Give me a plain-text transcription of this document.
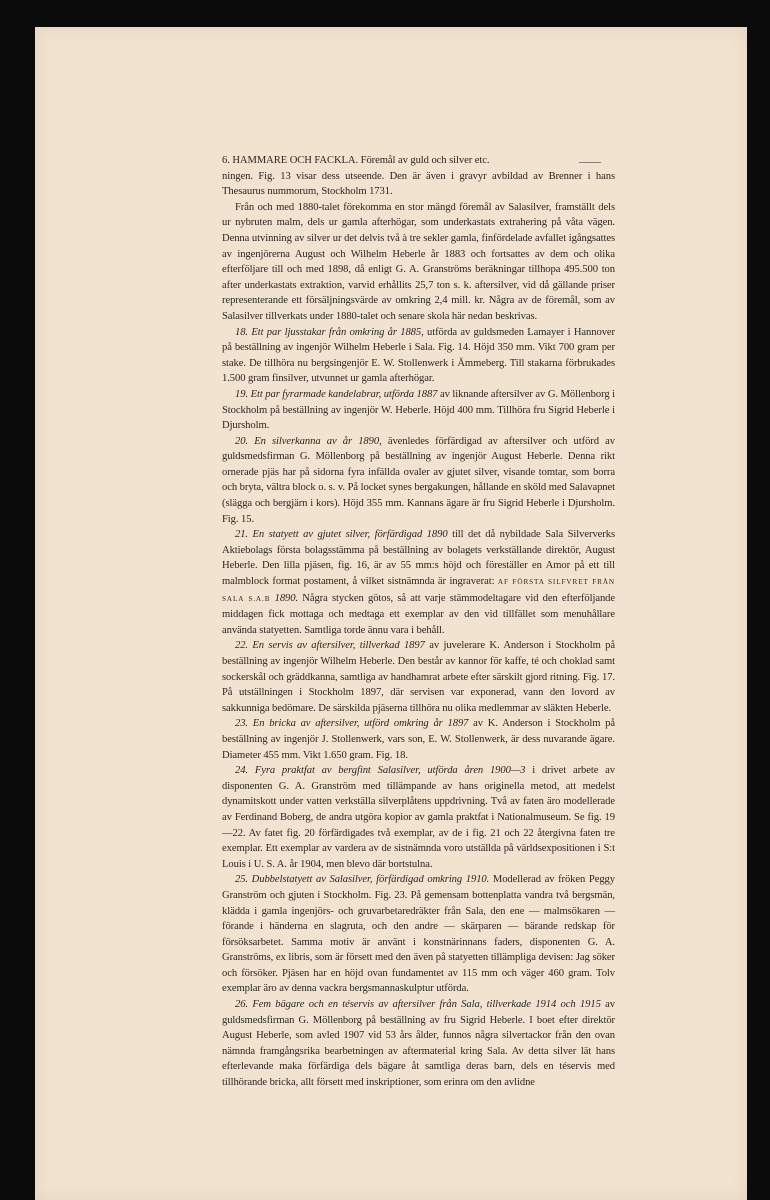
——

6. HAMMARE OCH FACKLA. Föremål av guld och silver etc.

ningen. Fig. 13 visar dess utseende. Den är även i gravyr avbildad av Brenner i hans Thesaurus nummorum, Stockholm 1731.

Från och med 1880-talet förekomma en stor mängd föremål av Salasilver, framställt dels ur nybruten malm, dels ur gamla afterhögar, som underkastats extrahering på våta vägen. Denna utvinning av silver ur det delvis två à tre sekler gamla, finfördelade avfallet igångsattes av ingenjörerna August och Wilhelm Heberle år 1883 och fortsattes av dem och olika efterföljare till och med 1898, då enligt G. A. Granströms beräkningar tillhopa 495.500 ton after underkastats extraktion, varvid erhållits 25,7 ton s. k. aftersilver, vid då gällande priser representerande ett försäljningsvärde av omkring 2,4 mill. kr. Några av de föremål, som av Salasilver tillverkats under 1880-talet och senare skola här nedan beskrivas.

18. Ett par ljusstakar från omkring år 1885, utförda av guldsmeden Lamayer i Hannover på beställning av ingenjör Wilhelm Heberle i Sala. Fig. 14. Höjd 350 mm. Vikt 700 gram per stake. De tillhöra nu bergsingenjör E. W. Stollenwerk i Ämmeberg. Till stakarna förbrukades 1.500 gram finsilver, utvunnet ur gamla afterhögar.

19. Ett par fyrarmade kandelabrar, utförda 1887 av liknande aftersilver av G. Möllenborg i Stockholm på beställning av ingenjör W. Heberle. Höjd 400 mm. Tillhöra fru Sigrid Heberle i Djursholm.

20. En silverkanna av år 1890, ävenledes förfärdigad av aftersilver och utförd av guldsmedsfirman G. Möllenborg på beställning av ingenjör August Heberle. Denna rikt ornerade pjäs har på sidorna fyra infällda ovaler av gjutet silver, visande tomtar, som borra och bryta, vältra block o. s. v. På locket synes bergakungen, hållande en sköld med Salavapnet (slägga och bergjärn i kors). Höjd 355 mm. Kannans ägare är fru Sigrid Heberle i Djursholm. Fig. 15.

21. En statyett av gjutet silver, förfärdigad 1890 till det då nybildade Sala Silververks Aktiebolags första bolagsstämma på beställning av bolagets verkställande direktör, August Heberle. Den lilla pjäsen, fig. 16, är av 55 mm:s höjd och föreställer en Amor på ett till malmblock format postament, å vilket sistnämnda är ingraverat: AF FÖRSTA SILFVRET FRÅN SALA S.A.B 1890. Några stycken götos, så att varje stämmodeltagare vid den efterföljande middagen fick mottaga och medtaga ett exemplar av den vid tillfället som menuhållare använda statyetten. Samtliga torde ännu vara i behåll.

22. En servis av aftersilver, tillverkad 1897 av juvelerare K. Anderson i Stockholm på beställning av ingenjör Wilhelm Heberle. Den består av kannor för kaffe, té och choklad samt sockerskål och gräddkanna, samtliga av handhamrat arbete efter särskilt gjord ritning. Fig. 17. På utställningen i Stockholm 1897, där servisen var exponerad, vann den lovord av sakkunniga bedömare. De särskilda pjäserna tillhöra nu olika medlemmar av släkten Heberle.

23. En bricka av aftersilver, utförd omkring år 1897 av K. Anderson i Stockholm på beställning av ingenjör J. Stollenwerk, vars son, E. W. Stollenwerk, är dess nuvarande ägare. Diameter 455 mm. Vikt 1.650 gram. Fig. 18.

24. Fyra praktfat av bergfint Salasilver, utförda åren 1900—3 i drivet arbete av disponenten G. A. Granström med tillämpande av hans originella metod, att medelst dynamitskott under vatten verkställa silverplåtens uppdrivning. Två av faten äro modellerade av Ferdinand Boberg, de andra utgöra kopior av gamla praktfat i Nationalmuseum. Se fig. 19—22. Av fatet fig. 20 förfärdigades två exemplar, av de i fig. 21 och 22 återgivna faten tre exemplar. Ett exemplar av vardera av de sistnämnda voro utställda på världsexpositionen i S:t Louis i U. S. A. år 1904, men blevo där bortstulna.

25. Dubbelstatyett av Salasilver, förfärdigad omkring 1910. Modellerad av fröken Peggy Granström och gjuten i Stockholm. Fig. 23. På gemensam bottenplatta vandra två bergsmän, klädda i gamla ingenjörs- och gruvarbetaredräkter från Sala, den ene — malmsökaren — förande i händerna en slagruta, och den andre — skärparen — bärande redskap för försöksarbetet. Samma motiv är använt i konstnärinnans faders, disponenten G. A. Granströms, ex libris, som är försett med den även på statyetten tillämpliga devisen: Jag söker och försöker. Pjäsen har en höjd ovan fundamentet av 115 mm och väger 460 gram. Tolv exemplar äro av denna vackra bergsmannaskulptur utförda.

26. Fem bägare och en téservis av aftersilver från Sala, tillverkade 1914 och 1915 av guldsmedsfirman G. Möllenborg på beställning av fru Sigrid Heberle. I boet efter direktör August Heberle, som avled 1907 vid 53 års ålder, funnos några silvertackor från den ovan nämnda framgångsrika bearbetningen av aftermaterial kring Sala. Av detta silver lät hans efterlevande maka förfärdiga dels bägare åt samtliga deras barn, dels en téservis med tillhörande bricka, allt försett med inskriptioner, som erinra om den avlidne
